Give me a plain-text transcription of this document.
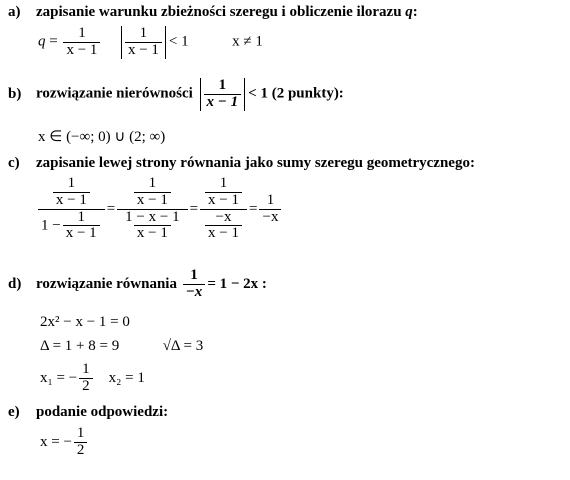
a) zapisanie warunku zbieżności szeregu i obliczenie ilorazu q:
$q = \frac{1}{x - 1}$
$\frac{1}{x - 1} < 1$	x ≠ 1
b) rozwiązanie nierówności $\frac{1}{x - 1} < 1$ (2 punkty):
x ∈ (−∞; 0) ∪ (2; ∞)
c) zapisanie lewej strony równania jako sumy szeregu geometrycznego:
$\frac{\frac{1}{x - 1}}{1 - \frac{1}{x - 1}} = \frac{\frac{1}{x - 1}}{\frac{1 - x - 1}{x - 1}} = \frac{\frac{1}{x - 1}}{\frac{-x}{x - 1}} = \frac{1}{-x}$
d) rozwiązanie równania
$\frac{1}{-x} = 1 - 2x$ :
2x² − x − 1 = 0
Δ = 1 + 8 = 9	√Δ = 3
x₁ = − $\frac{1}{2} x_2 = 1$
e) podanie odpowiedzi:
x = − $\frac{1}{2}$
